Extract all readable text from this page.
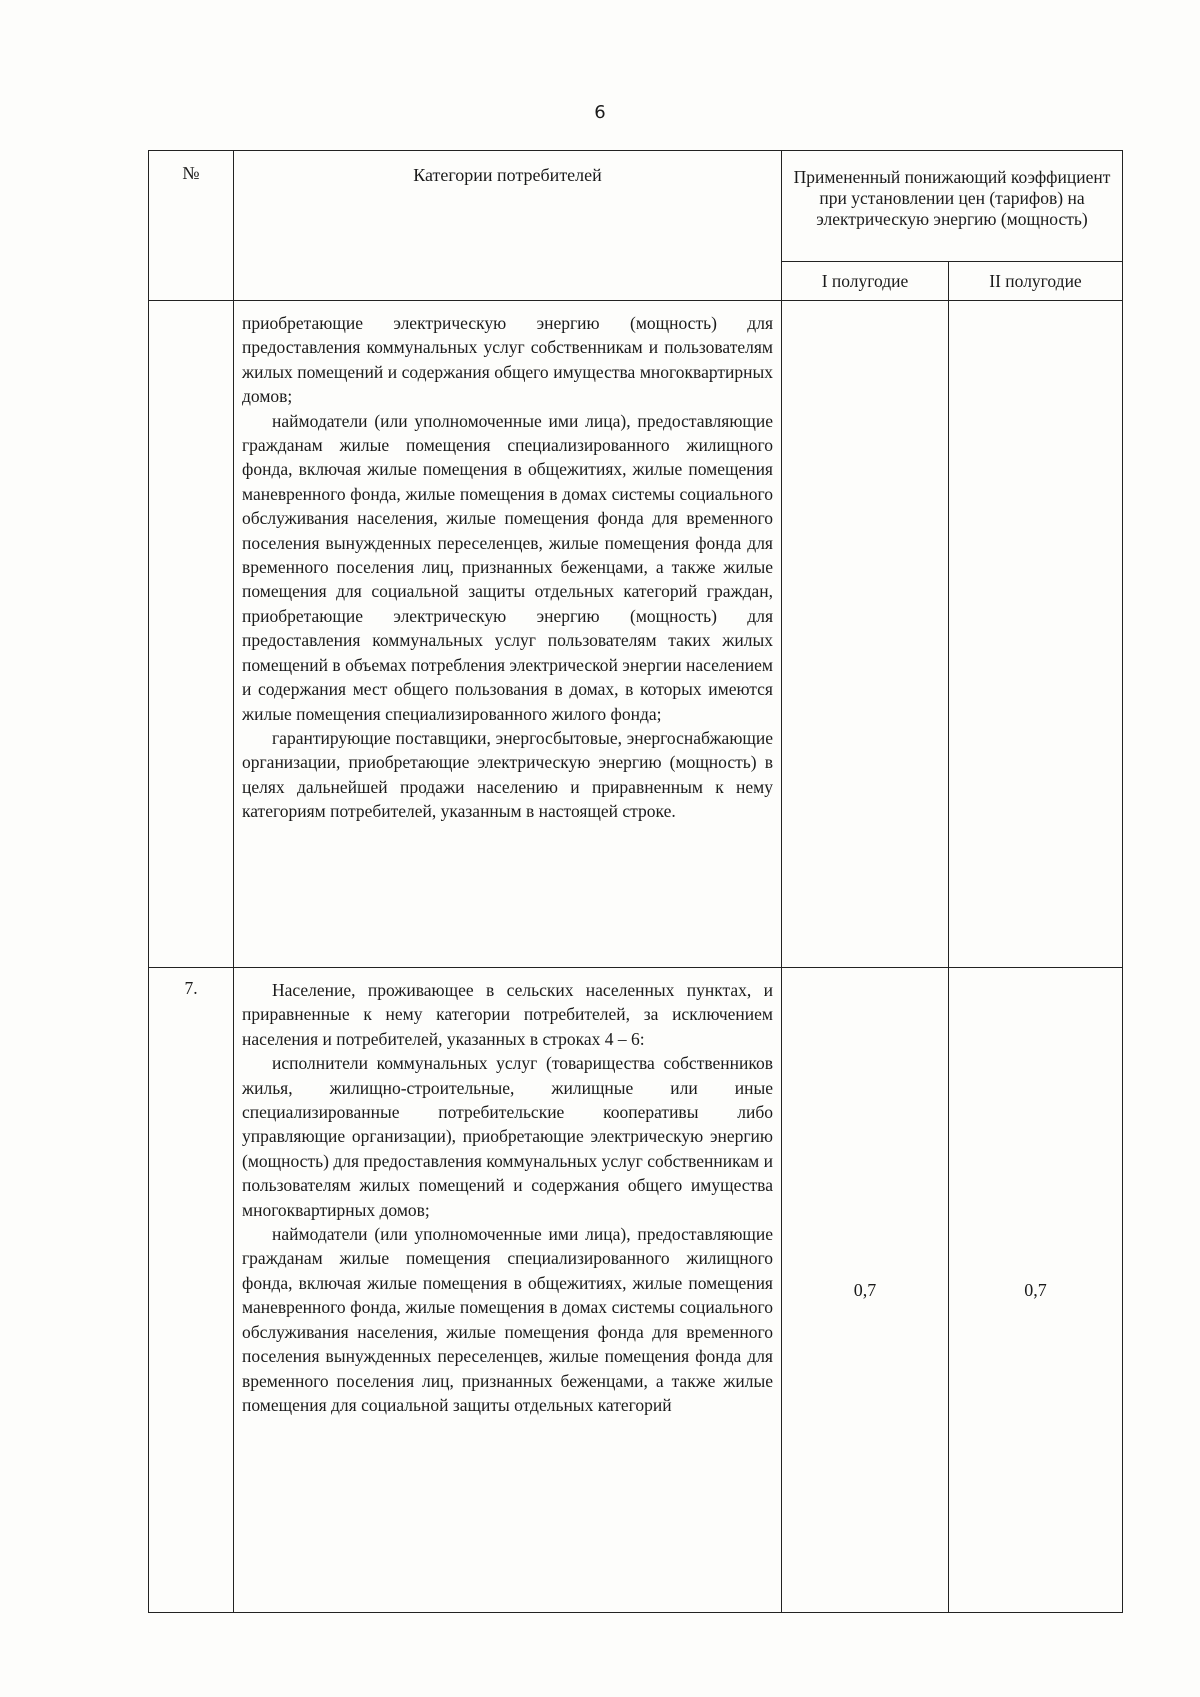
6
№	Категории потребителей	Примененный понижающий коэффициент при установлении цен (тарифов) на электрическую энергию (мощность)	
		I полугодие	II полугодие

	приобретающие электрическую энергию (мощность) для предоставления коммунальных услуг собственникам и пользователям жилых помещений и содержания общего имущества многоквартирных домов;

наймодатели (или уполномоченные ими лица), предоставляющие гражданам жилые помещения специализированного жилищного фонда, включая жилые помещения в общежитиях, жилые помещения маневренного фонда, жилые помещения в домах системы социального обслуживания населения, жилые помещения фонда для временного поселения вынужденных переселенцев, жилые помещения фонда для временного поселения лиц, признанных беженцами, а также жилые помещения для социальной защиты отдельных категорий граждан, приобретающие электрическую энергию (мощность) для предоставления коммунальных услуг пользователям таких жилых помещений в объемах потребления электрической энергии населением и содержания мест общего пользования в домах, в которых имеются жилые помещения специализированного жилого фонда;

гарантирующие поставщики, энергосбытовые, энергоснабжающие организации, приобретающие электрическую энергию (мощность) в целях дальнейшей продажи населению и приравненным к нему категориям потребителей, указанным в настоящей строке.		

7.	Население, проживающее в сельских населенных пунктах, и приравненные к нему категории потребителей, за исключением населения и потребителей, указанных в строках 4 – 6:

исполнители коммунальных услуг (товарищества собственников жилья, жилищно-строительные, жилищные или иные специализированные потребительские кооперативы либо управляющие организации), приобретающие электрическую энергию (мощность) для предоставления коммунальных услуг собственникам и пользователям жилых помещений и содержания общего имущества многоквартирных домов;

наймодатели (или уполномоченные ими лица), предоставляющие гражданам жилые помещения специализированного жилищного фонда, включая жилые помещения в общежитиях, жилые помещения маневренного фонда, жилые помещения в домах системы социального обслуживания населения, жилые помещения фонда для временного поселения вынужденных переселенцев, жилые помещения фонда для временного поселения лиц, признанных беженцами, а также жилые помещения для социальной защиты отдельных категорий	0,7	0,7
